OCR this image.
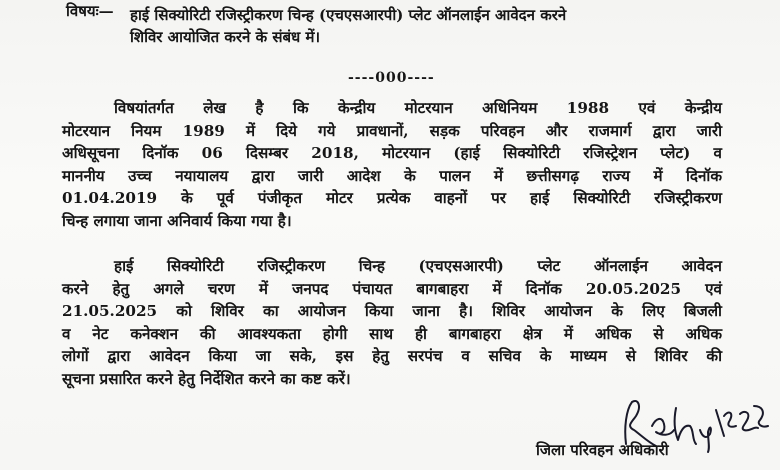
विषयः— हाई सिक्योरिटी रजिस्ट्रीकरण चिन्ह (एचएसआरपी) प्लेट ऑनलाईन आवेदन करने
शिविर आयोजित करने के संबंध में।
----000----
विषयांतर्गत लेख है कि केन्द्रीय मोटरयान अधिनियम 1988 एवं केन्द्रीय
मोटरयान नियम 1989 में दिये गये प्रावधानों, सड़क परिवहन और राजमार्ग द्वारा जारी
अधिसूचना दिनॉक 06 दिसम्बर 2018, मोटरयान (हाई सिक्योरिटी रजिस्ट्रेशन प्लेट) व
माननीय उच्च नयायालय द्वारा जारी आदेश के पालन में छत्तीसगढ़ राज्य में दिनॉक
01.04.2019 के पूर्व पंजीकृत मोटर प्रत्येक वाहनों पर हाई सिक्योरिटी रजिस्ट्रीकरण
चिन्ह लगाया जाना अनिवार्य किया गया है।
हाई सिक्योरिटी रजिस्ट्रीकरण चिन्ह (एचएसआरपी) प्लेट ऑनलाईन आवेदन
करने हेतु अगले चरण में जनपद पंचायत बागबाहरा में दिनॉक 20.05.2025 एवं
21.05.2025 को शिविर का आयोजन किया जाना है। शिविर आयोजन के लिए बिजली
व नेट कनेक्शन की आवश्यकता होगी साथ ही बागबाहरा क्षेत्र में अधिक से अधिक
लोगों द्वारा आवेदन किया जा सके, इस हेतु सरपंच व सचिव के माध्यम से शिविर की
सूचना प्रसारित करने हेतु निर्देशित करने का कष्ट करें।
जिला परिवहन अधिकारी
